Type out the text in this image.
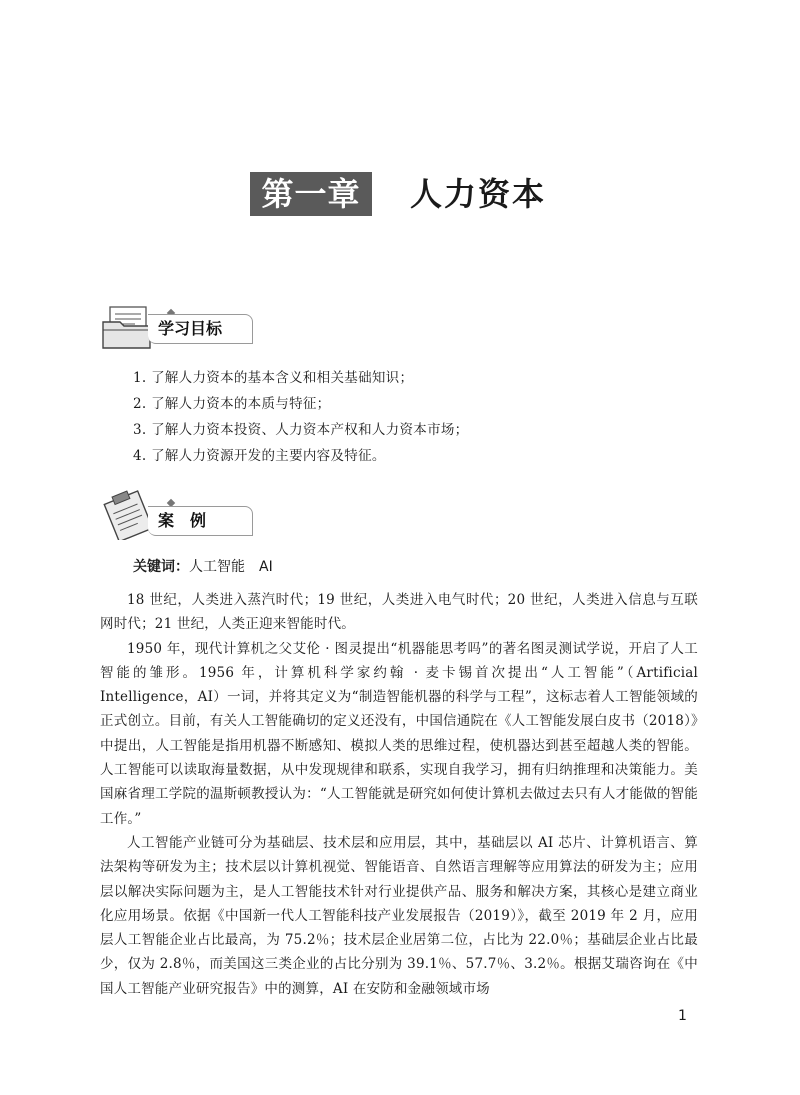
第一章	人力资本
学习目标
1. 了解人力资本的基本含义和相关基础知识；
2. 了解人力资本的本质与特征；
3. 了解人力资本投资、人力资本产权和人力资本市场；
4. 了解人力资源开发的主要内容及特征。
案　例
关键词：人工智能　AI

18 世纪，人类进入蒸汽时代；19 世纪，人类进入电气时代；20 世纪，人类进入信息与互联网时代；21 世纪，人类正迎来智能时代。

1950 年，现代计算机之父艾伦 · 图灵提出“机器能思考吗”的著名图灵测试学说，开启了人工智能的雏形。1956 年，计算机科学家约翰 · 麦卡锡首次提出“人工智能”（Artificial Intelligence，AI）一词，并将其定义为“制造智能机器的科学与工程”，这标志着人工智能领域的正式创立。目前，有关人工智能确切的定义还没有，中国信通院在《人工智能发展白皮书（2018）》中提出，人工智能是指用机器不断感知、模拟人类的思维过程，使机器达到甚至超越人类的智能。人工智能可以读取海量数据，从中发现规律和联系，实现自我学习，拥有归纳推理和决策能力。美国麻省理工学院的温斯顿教授认为：“人工智能就是研究如何使计算机去做过去只有人才能做的智能工作。”

人工智能产业链可分为基础层、技术层和应用层，其中，基础层以 AI 芯片、计算机语言、算法架构等研发为主；技术层以计算机视觉、智能语音、自然语言理解等应用算法的研发为主；应用层以解决实际问题为主，是人工智能技术针对行业提供产品、服务和解决方案，其核心是建立商业化应用场景。依据《中国新一代人工智能科技产业发展报告（2019）》，截至 2019 年 2 月，应用层人工智能企业占比最高，为 75.2％；技术层企业居第二位，占比为 22.0％；基础层企业占比最少，仅为 2.8％，而美国这三类企业的占比分别为 39.1％、57.7％、3.2％。根据艾瑞咨询在《中国人工智能产业研究报告》中的测算，AI 在安防和金融领域市场

1
